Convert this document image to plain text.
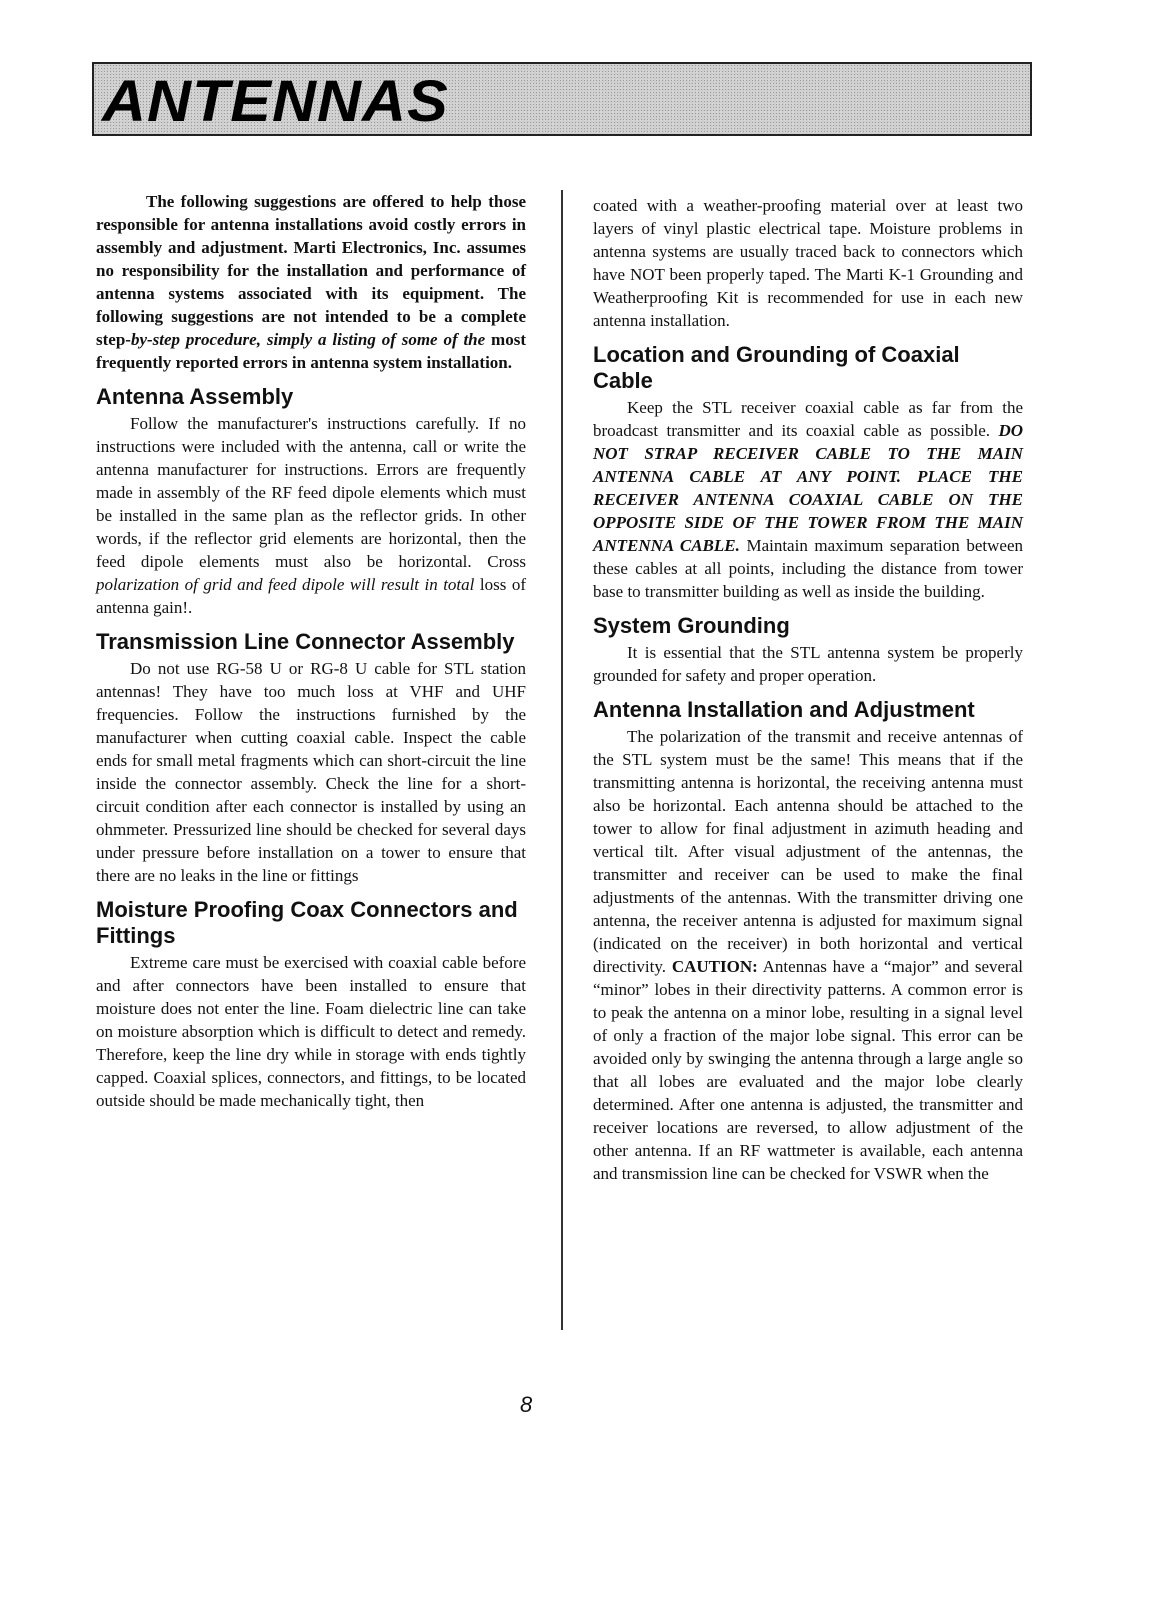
ANTENNAS

The following suggestions are offered to help those responsible for antenna installations avoid costly errors in assembly and adjustment. Marti Electronics, Inc. assumes no responsibility for the installation and performance of antenna systems associated with its equipment. The following suggestions are not intended to be a complete step-by-step procedure, simply a listing of some of the most frequently reported errors in antenna system installation.

Antenna Assembly

Follow the manufacturer's instructions carefully. If no instructions were included with the antenna, call or write the antenna manufacturer for instructions. Errors are frequently made in assembly of the RF feed dipole elements which must be installed in the same plan as the reflector grids. In other words, if the reflector grid elements are horizontal, then the feed dipole elements must also be horizontal. Cross polarization of grid and feed dipole will result in total loss of antenna gain!.

Transmission Line Connector Assembly

Do not use RG-58 U or RG-8 U cable for STL station antennas! They have too much loss at VHF and UHF frequencies. Follow the instructions furnished by the manufacturer when cutting coaxial cable. Inspect the cable ends for small metal fragments which can short-circuit the line inside the connector assembly. Check the line for a short-circuit condition after each connector is installed by using an ohmmeter. Pressurized line should be checked for several days under pressure before installation on a tower to ensure that there are no leaks in the line or fittings

Moisture Proofing Coax Connectors and Fittings

Extreme care must be exercised with coaxial cable before and after connectors have been installed to ensure that moisture does not enter the line. Foam dielectric line can take on moisture absorption which is difficult to detect and remedy. Therefore, keep the line dry while in storage with ends tightly capped. Coaxial splices, connectors, and fittings, to be located outside should be made mechanically tight, then

coated with a weather-proofing material over at least two layers of vinyl plastic electrical tape. Moisture problems in antenna systems are usually traced back to connectors which have NOT been properly taped. The Marti K-1 Grounding and Weatherproofing Kit is recommended for use in each new antenna installation.

Location and Grounding of Coaxial Cable

Keep the STL receiver coaxial cable as far from the broadcast transmitter and its coaxial cable as possible. DO NOT STRAP RECEIVER CABLE TO THE MAIN ANTENNA CABLE AT ANY POINT. PLACE THE RECEIVER ANTENNA COAXIAL CABLE ON THE OPPOSITE SIDE OF THE TOWER FROM THE MAIN ANTENNA CABLE. Maintain maximum separation between these cables at all points, including the distance from tower base to transmitter building as well as inside the building.

System Grounding

It is essential that the STL antenna system be properly grounded for safety and proper operation.

Antenna Installation and Adjustment

The polarization of the transmit and receive antennas of the STL system must be the same! This means that if the transmitting antenna is horizontal, the receiving antenna must also be horizontal. Each antenna should be attached to the tower to allow for final adjustment in azimuth heading and vertical tilt. After visual adjustment of the antennas, the transmitter and receiver can be used to make the final adjustments of the antennas. With the transmitter driving one antenna, the receiver antenna is adjusted for maximum signal (indicated on the receiver) in both horizontal and vertical directivity. CAUTION: Antennas have a “major” and several “minor” lobes in their directivity patterns. A common error is to peak the antenna on a minor lobe, resulting in a signal level of only a fraction of the major lobe signal. This error can be avoided only by swinging the antenna through a large angle so that all lobes are evaluated and the major lobe clearly determined. After one antenna is adjusted, the transmitter and receiver locations are reversed, to allow adjustment of the other antenna. If an RF wattmeter is available, each antenna and transmission line can be checked for VSWR when the

8
